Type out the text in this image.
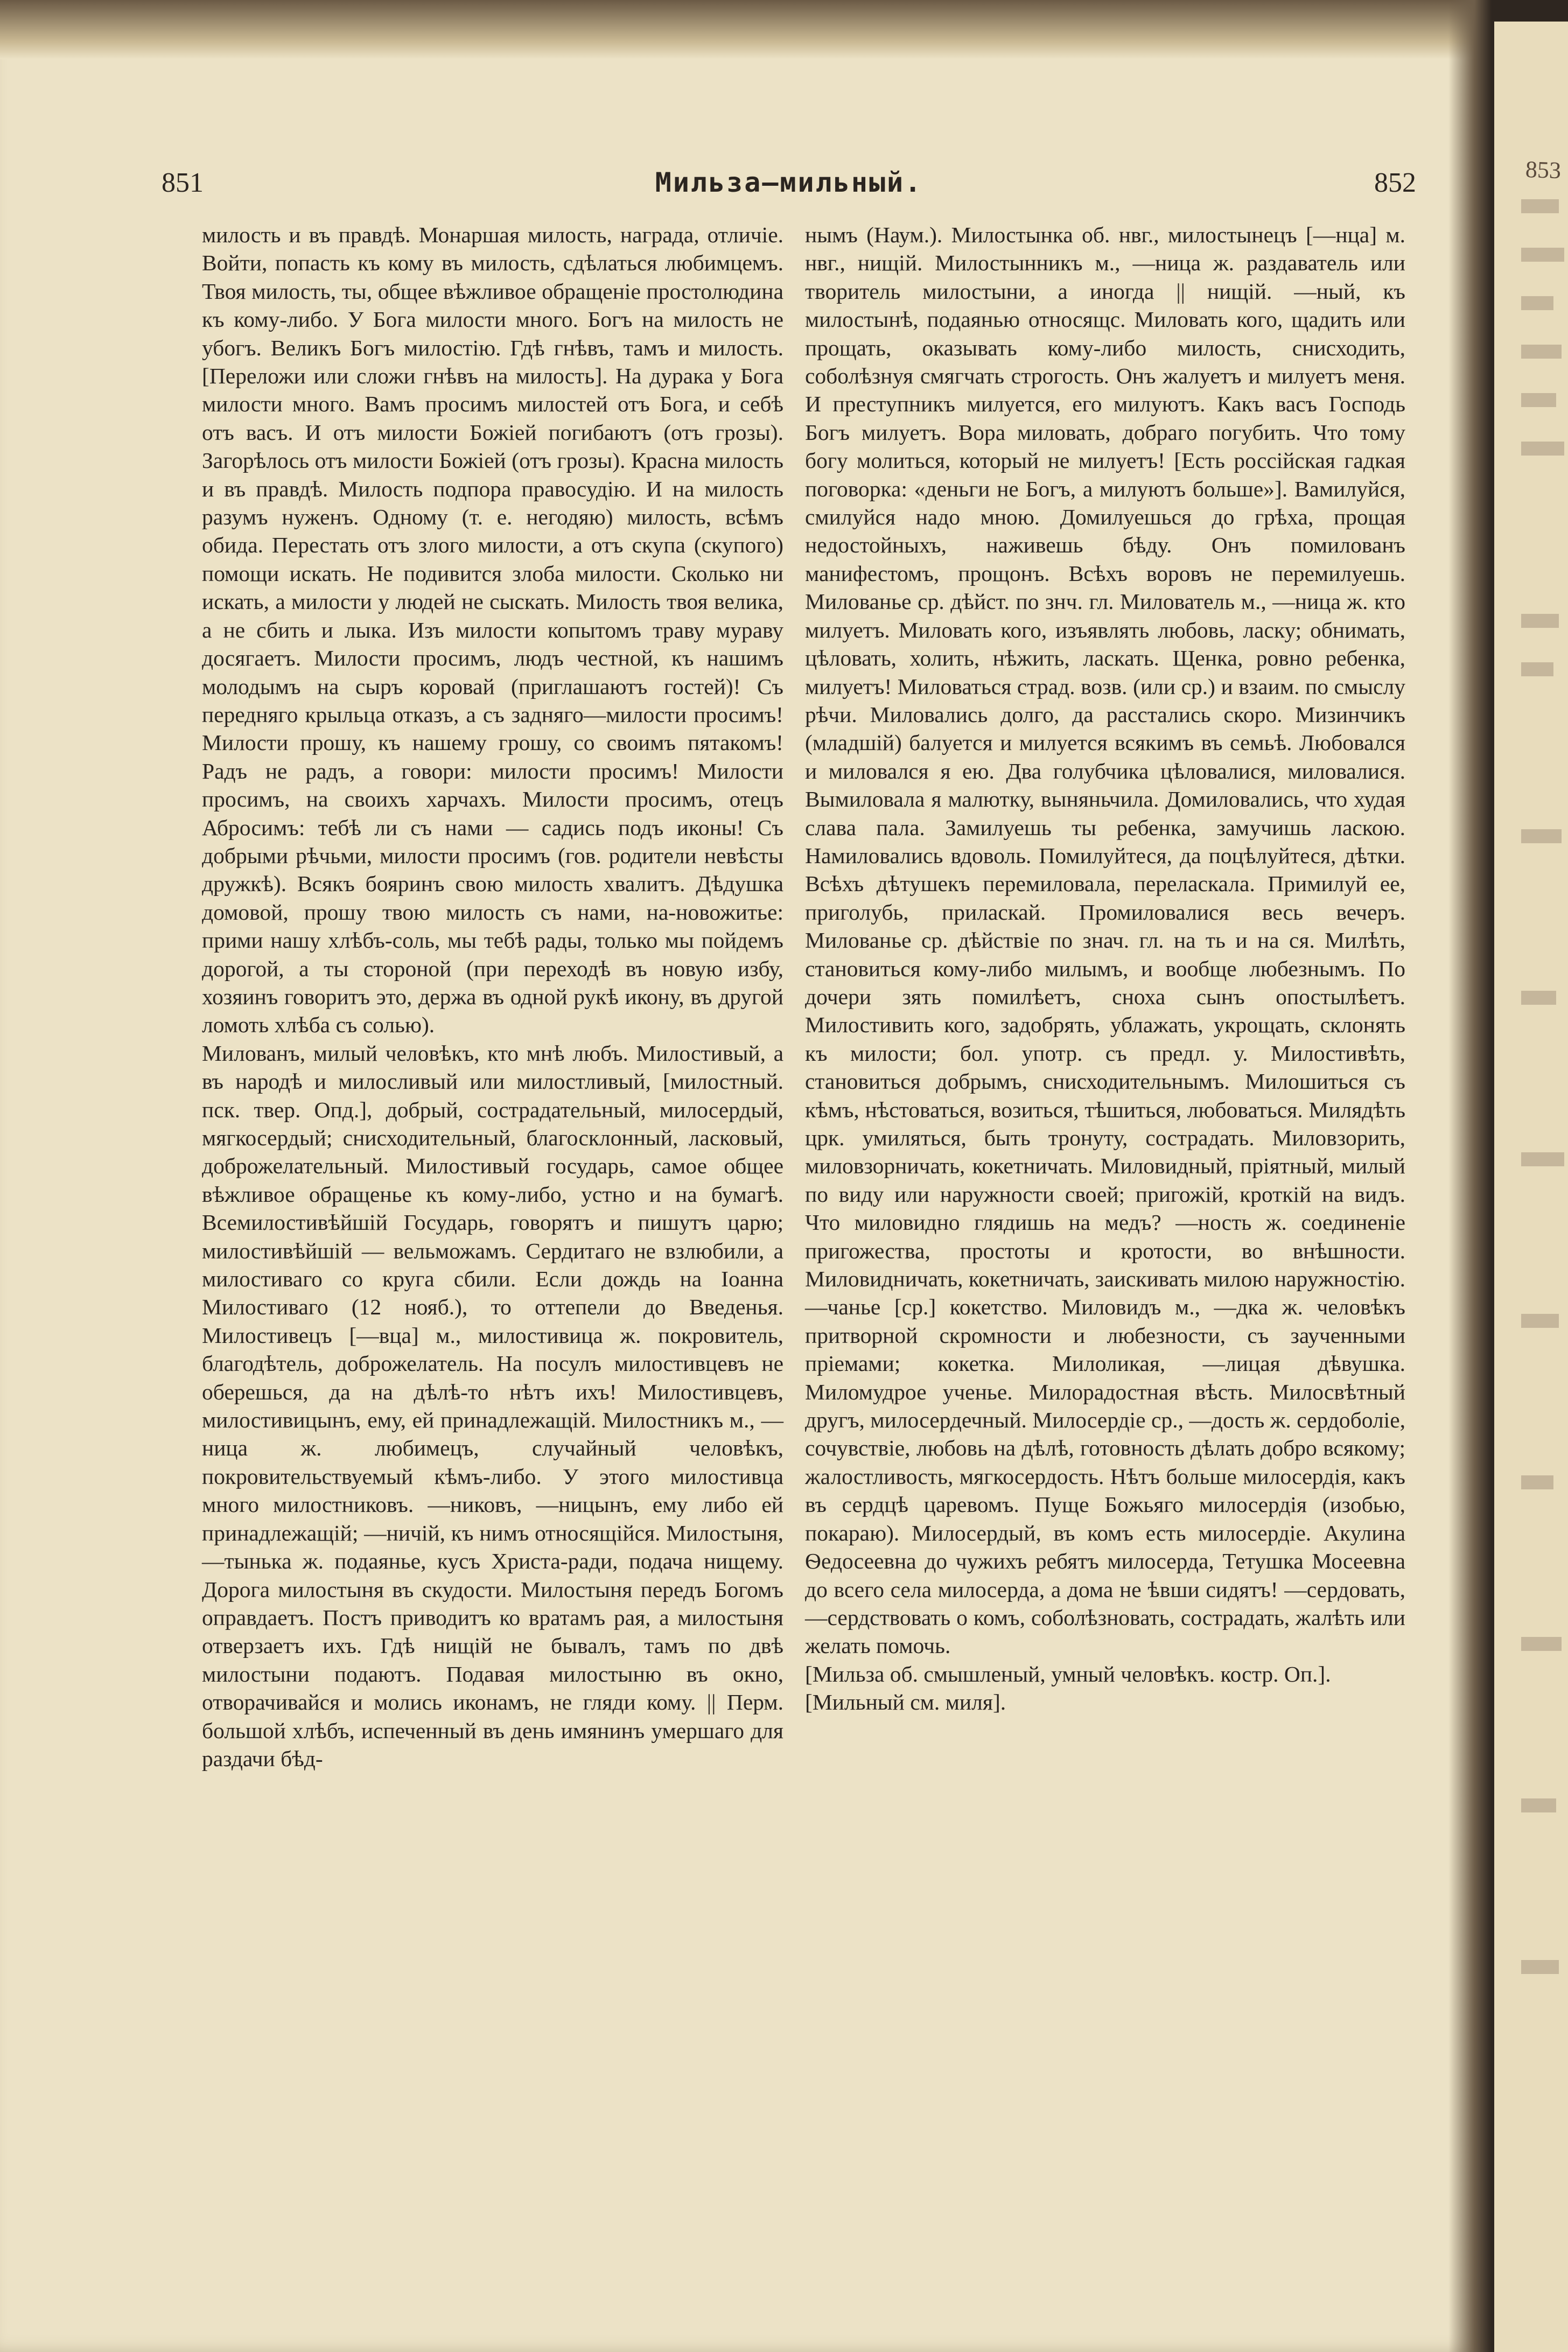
853
851	Мильза—мильный.	852

милость и въ правдѣ. Монаршая милость, награда, отличіе. Войти, попасть къ кому въ милость, сдѣлаться любимцемъ. Твоя милость, ты, общее вѣжливое обращеніе простолюдина къ кому-либо. У Бога милости много. Богъ на милость не убогъ. Великъ Богъ милостію. Гдѣ гнѣвъ, тамъ и милость. [Переложи или сложи гнѣвъ на милость]. На дурака у Бога милости много. Вамъ просимъ милостей отъ Бога, и себѣ отъ васъ. И отъ милости Божіей погибаютъ (отъ грозы). Загорѣлось отъ милости Божіей (отъ грозы). Красна милость и въ правдѣ. Милость подпора правосудію. И на милость разумъ нуженъ. Одному (т. е. негодяю) милость, всѣмъ обида. Перестать отъ злого милости, а отъ скупа (скупого) помощи искать. Не подивится злоба милости. Сколько ни искать, а милости у людей не сыскать. Милость твоя велика, а не сбить и лыка. Изъ милости копытомъ траву мураву досягаетъ. Милости просимъ, людъ честной, къ нашимъ молодымъ на сыръ коровай (приглашаютъ гостей)! Съ передняго крыльца отказъ, а съ задняго—милости просимъ! Милости прошу, къ нашему грошу, со своимъ пятакомъ! Радъ не радъ, а говори: милости просимъ! Милости просимъ, на своихъ харчахъ. Милости просимъ, отецъ Абросимъ: тебѣ ли съ нами — садись подъ иконы! Съ добрыми рѣчьми, милости просимъ (гов. родители невѣсты дружкѣ). Всякъ бояринъ свою милость хвалитъ. Дѣдушка домовой, прошу твою милость съ нами, на-новожитье: прими нашу хлѣбъ-соль, мы тебѣ рады, только мы пойдемъ дорогой, а ты стороной (при переходѣ въ новую избу, хозяинъ говоритъ это, держа въ одной рукѣ икону, въ другой ломоть хлѣба съ солью).

Милованъ, милый человѣкъ, кто мнѣ любъ. Милостивый, а въ народѣ и милосливый или милостливый, [милостный. пск. твер. Опд.], добрый, сострадательный, милосердый, мягкосердый; снисходительный, благосклонный, ласковый, доброжелательный. Милостивый государь, самое общее вѣжливое обращенье къ кому-либо, устно и на бумагѣ. Всемилостивѣйшій Государь, говорятъ и пишутъ царю; милостивѣйшій — вельможамъ. Сердитаго не взлюбили, а милостиваго со круга сбили. Если дождь на Іоанна Милостиваго (12 нояб.), то оттепели до Введенья. Милостивецъ [—вца] м., милостивица ж. покровитель, благодѣтель, доброжелатель. На посулъ милостивцевъ не оберешься, да на дѣлѣ-то нѣтъ ихъ! Милостивцевъ, милостивицынъ, ему, ей принадлежащій. Милостникъ м., —ница ж. любимецъ, случайный человѣкъ, покровительствуемый кѣмъ-либо. У этого милостивца много милостниковъ. —никовъ, —ницынъ, ему либо ей принадлежащій; —ничій, къ нимъ относящійся. Милостыня, —тынька ж. подаянье, кусъ Христа-ради, подача нищему. Дорога милостыня въ скудости. Милостыня передъ Богомъ оправдаетъ. Постъ приводитъ ко вратамъ рая, а милостыня отверзаетъ ихъ. Гдѣ нищій не бывалъ, тамъ по двѣ милостыни подаютъ. Подавая милостыню въ окно, отворачивайся и молись иконамъ, не гляди кому. || Перм. большой хлѣбъ, испеченный въ день имянинъ умершаго для раздачи бѣд-

нымъ (Наум.). Милостынка об. нвг., милостынецъ [—нца] м. нвг., нищій. Милостынникъ м., —ница ж. раздаватель или творитель милостыни, а иногда || нищій. —ный, къ милостынѣ, подаянью относящс. Миловать кого, щадить или прощать, оказывать кому-либо милость, снисходить, соболѣзнуя смягчать строгость. Онъ жалуетъ и милуетъ меня. И преступникъ милуется, его милуютъ. Какъ васъ Господь Богъ милуетъ. Вора миловать, добраго погубить. Что тому богу молиться, который не милуетъ! [Есть россійская гадкая поговорка: «деньги не Богъ, а милуютъ больше»]. Вамилуйся, смилуйся надо мною. Домилуешься до грѣха, прощая недостойныхъ, наживешь бѣду. Онъ помилованъ манифестомъ, прощонъ. Всѣхъ воровъ не перемилуешь. Милованье ср. дѣйст. по знч. гл. Милователь м., —ница ж. кто милуетъ. Миловать кого, изъявлять любовь, ласку; обнимать, цѣловать, холить, нѣжить, ласкать. Щенка, ровно ребенка, милуетъ! Миловаться страд. возв. (или ср.) и взаим. по смыслу рѣчи. Миловались долго, да расстались скоро. Мизинчикъ (младшій) балуется и милуется всякимъ въ семьѣ. Любовался и миловался я ею. Два голубчика цѣловалися, миловалися. Вымиловала я малютку, выняньчила. Домиловались, что худая слава пала. Замилуешь ты ребенка, замучишь ласкою. Намиловались вдоволь. Помилуйтеся, да поцѣлуйтеся, дѣтки. Всѣхъ дѣтушекъ перемиловала, переласкала. Примилуй ее, приголубь, приласкай. Промиловалися весь вечеръ. Милованье ср. дѣйствіе по знач. гл. на ть и на ся. Милѣть, становиться кому-либо милымъ, и вообще любезнымъ. По дочери зять помилѣетъ, сноха сынъ опостылѣетъ. Милостивить кого, задобрять, ублажать, укрощать, склонять къ милости; бол. употр. съ предл. у. Милостивѣть, становиться добрымъ, снисходительнымъ. Милошиться съ кѣмъ, нѣстоваться, возиться, тѣшиться, любоваться. Милядѣть црк. умиляться, быть тронуту, сострадать. Миловзорить, миловзорничать, кокетничать. Миловидный, пріятный, милый по виду или наружности своей; пригожій, кроткій на видъ. Что миловидно глядишь на медъ? —ность ж. соединеніе пригожества, простоты и кротости, во внѣшности. Миловидничать, кокетничать, заискивать милою наружностію. —чанье [ср.] кокетство. Миловидъ м., —дка ж. человѣкъ притворной скромности и любезности, съ заученными пріемами; кокетка. Милоликая, —лицая дѣвушка. Миломудрое ученье. Милорадостная вѣсть. Милосвѣтный другъ, милосердечный. Милосердіе ср., —дость ж. сердоболіе, сочувствіе, любовь на дѣлѣ, готовность дѣлать добро всякому; жалостливость, мягкосердость. Нѣтъ больше милосердія, какъ въ сердцѣ царевомъ. Пуще Божьяго милосердія (изобью, покараю). Милосердый, въ комъ есть милосердіе. Акулина Ѳедосеевна до чужихъ ребятъ милосерда, Тетушка Мосеевна до всего села милосерда, а дома не ѣвши сидятъ! —сердовать, —сердствовать о комъ, соболѣзновать, сострадать, жалѣть или желать помочь.

[Мильза об. смышленый, умный человѣкъ. костр. Оп.].

[Мильный см. миля].
